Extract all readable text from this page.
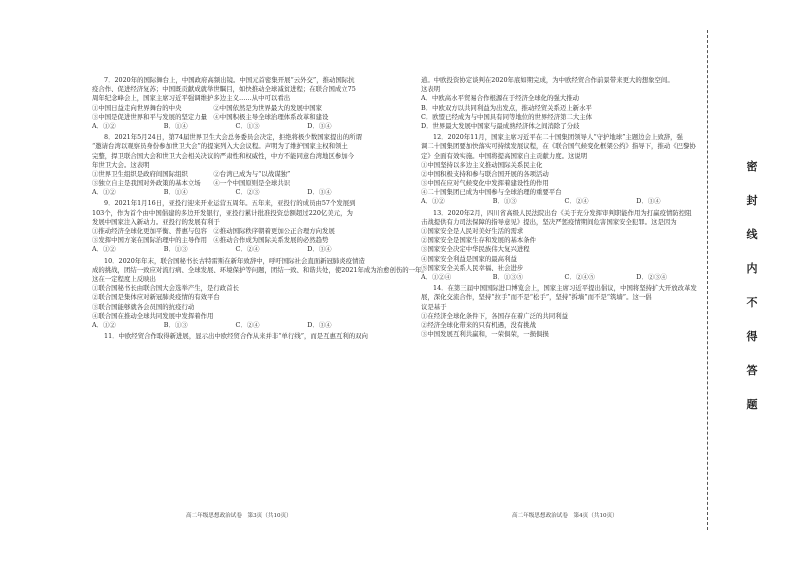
7．2020年的国际舞台上，中国政府高频出镜。中国元首密集开展“云外交”，推动国际抗
疫合作、促进经济复苏；中国既贡献成就举世瞩目，如快推动全球减贫进程；在联合国成立75
周年纪念峰会上，国家主席习近平强调维护多边主义……从中可以看出
①中国日益走向世界舞台的中央　　　　　②中国依然是为世界最大的发展中国家
③中国是促进世界和平与发展的坚定力量　④中国积极主导全球治理体系改革和建设
A．①②	B．①④	C．①③	D．③④
8．2021年5月24日，第74届世界卫生大会总务委员会决定，拒绝将极少数国家提出的所谓
“邀请台湾以观察员身份参加世卫大会”的提案列入大会议程。声明为了维护国家主权和领土
完整，捍卫联合国大会和世卫大会相关决议的严肃性和权威性，中方不能同意台湾地区参加今
年世卫大会。这表明
①世界卫生组织是政府间国际组织　　　　②台湾已成为与“以战谋独”
③独立自主是我国对外政策的基本立场　　④一个中国原则是全球共识
A．①②	B．①④	C．②③	D．③④
9．2021年1月16日，亚投行迎来开业运营五周年。五年来，亚投行的成员由57个发展到
103个，作为首个由中国倡建的多边开发银行，亚投行累计批准投资总额超过220亿美元，为
发展中国家注入新动力。亚投行的发展有利于
①推动经济全球化更加平衡、普惠与包容　②推动国际秩序朝着更加公正合理方向发展
③发挥中国方案在国际治理中的主导作用　④推动合作成为国际关系发展的必然趋势
A．①②	B．①③	C．②④	D．③④
10．2020年年末，联合国秘书长古特雷斯在新年致辞中，呼吁国际社会直面新冠肺炎疫情造
成的挑战，团结一致应对流行病、全球发展、环境保护等问题，团结一致、和谐共处，使2021年成为治愈创伤的一年。
这在一定程度上反映出
①联合国秘书长由联合国大会选举产生，是行政首长
②联合国是集体应对新冠肺炎疫情的有效平台
③联合国能够就各会员国的抗疫行动
④联合国在推动全球共同发展中发挥着作用
A．①②	B．①③	C．②④	D．③④
11．中欧经贸合作取得新进展，显示出中欧经贸合作从来并非“单行线”，而是互惠互利的双向
道。中欧投资协定谈判在2020年底如期完成，为中欧经贸合作前景带来更大的想象空间。
这表明
A．中欧高水平贸易合作根源在于经济全球化的强大推动
B．中欧双方以共同利益为出发点，推动经贸关系迈上新水平
C．欧盟已经成为与中国具有同等地位的世界经济第二大主体
D．世界最大发展中国家与最成熟经济体之间消除了分歧
12．2020年11月，国家主席习近平在二十国集团领导人“守护地球”主题边会上致辞，强
调二十国集团要加快落实可持续发展议程，在《联合国气候变化框架公约》指导下，推动《巴黎协
定》全面有效实施。中国将提高国家自主贡献力度。这说明
①中国坚持以多边主义推动国际关系民主化
②中国积极支持和参与联合国开展的各项活动
③中国在应对气候变化中发挥着建设性的作用
④二十国集团已成为中国参与全球治理的重要平台
A．①②	B．①③	C．②④	D．③④
13．2020年2月，四川省高级人民法院出台《关于充分发挥审判职能作用为打赢疫情防控阻
击战提供有力司法保障的指导意见》提出，坚决严惩疫情期间危害国家安全犯罪。这是因为
①国家安全是人民对美好生活的需求
②国家安全是国家生存和发展的基本条件
③国家安全决定中华民族伟大复兴进程
④国家安全利益是国家的最高利益
⑤国家安全关系人民幸福、社会进步
A．①②④	B．①③⑤	C．②④⑤	D．②③④
14．在第三届中国国际进口博览会上，国家主席习近平提出倡议，中国将坚持扩大开放改革发
展，深化交流合作，坚持“拉手”而不是“松手”，坚持“拆墙”而不是“筑墙”。这一倡
议是基于
①在经济全球化条件下，各国存在着广泛的共同利益
②经济全球化带来的只有机遇，没有挑战
③中国发展互利共赢和，一荣俱荣，一损俱损
高二年级思想政治试卷　第3页（共10页）	高二年级思想政治试卷　第4页（共10页）
密
封
线
内
不
得
答
题
